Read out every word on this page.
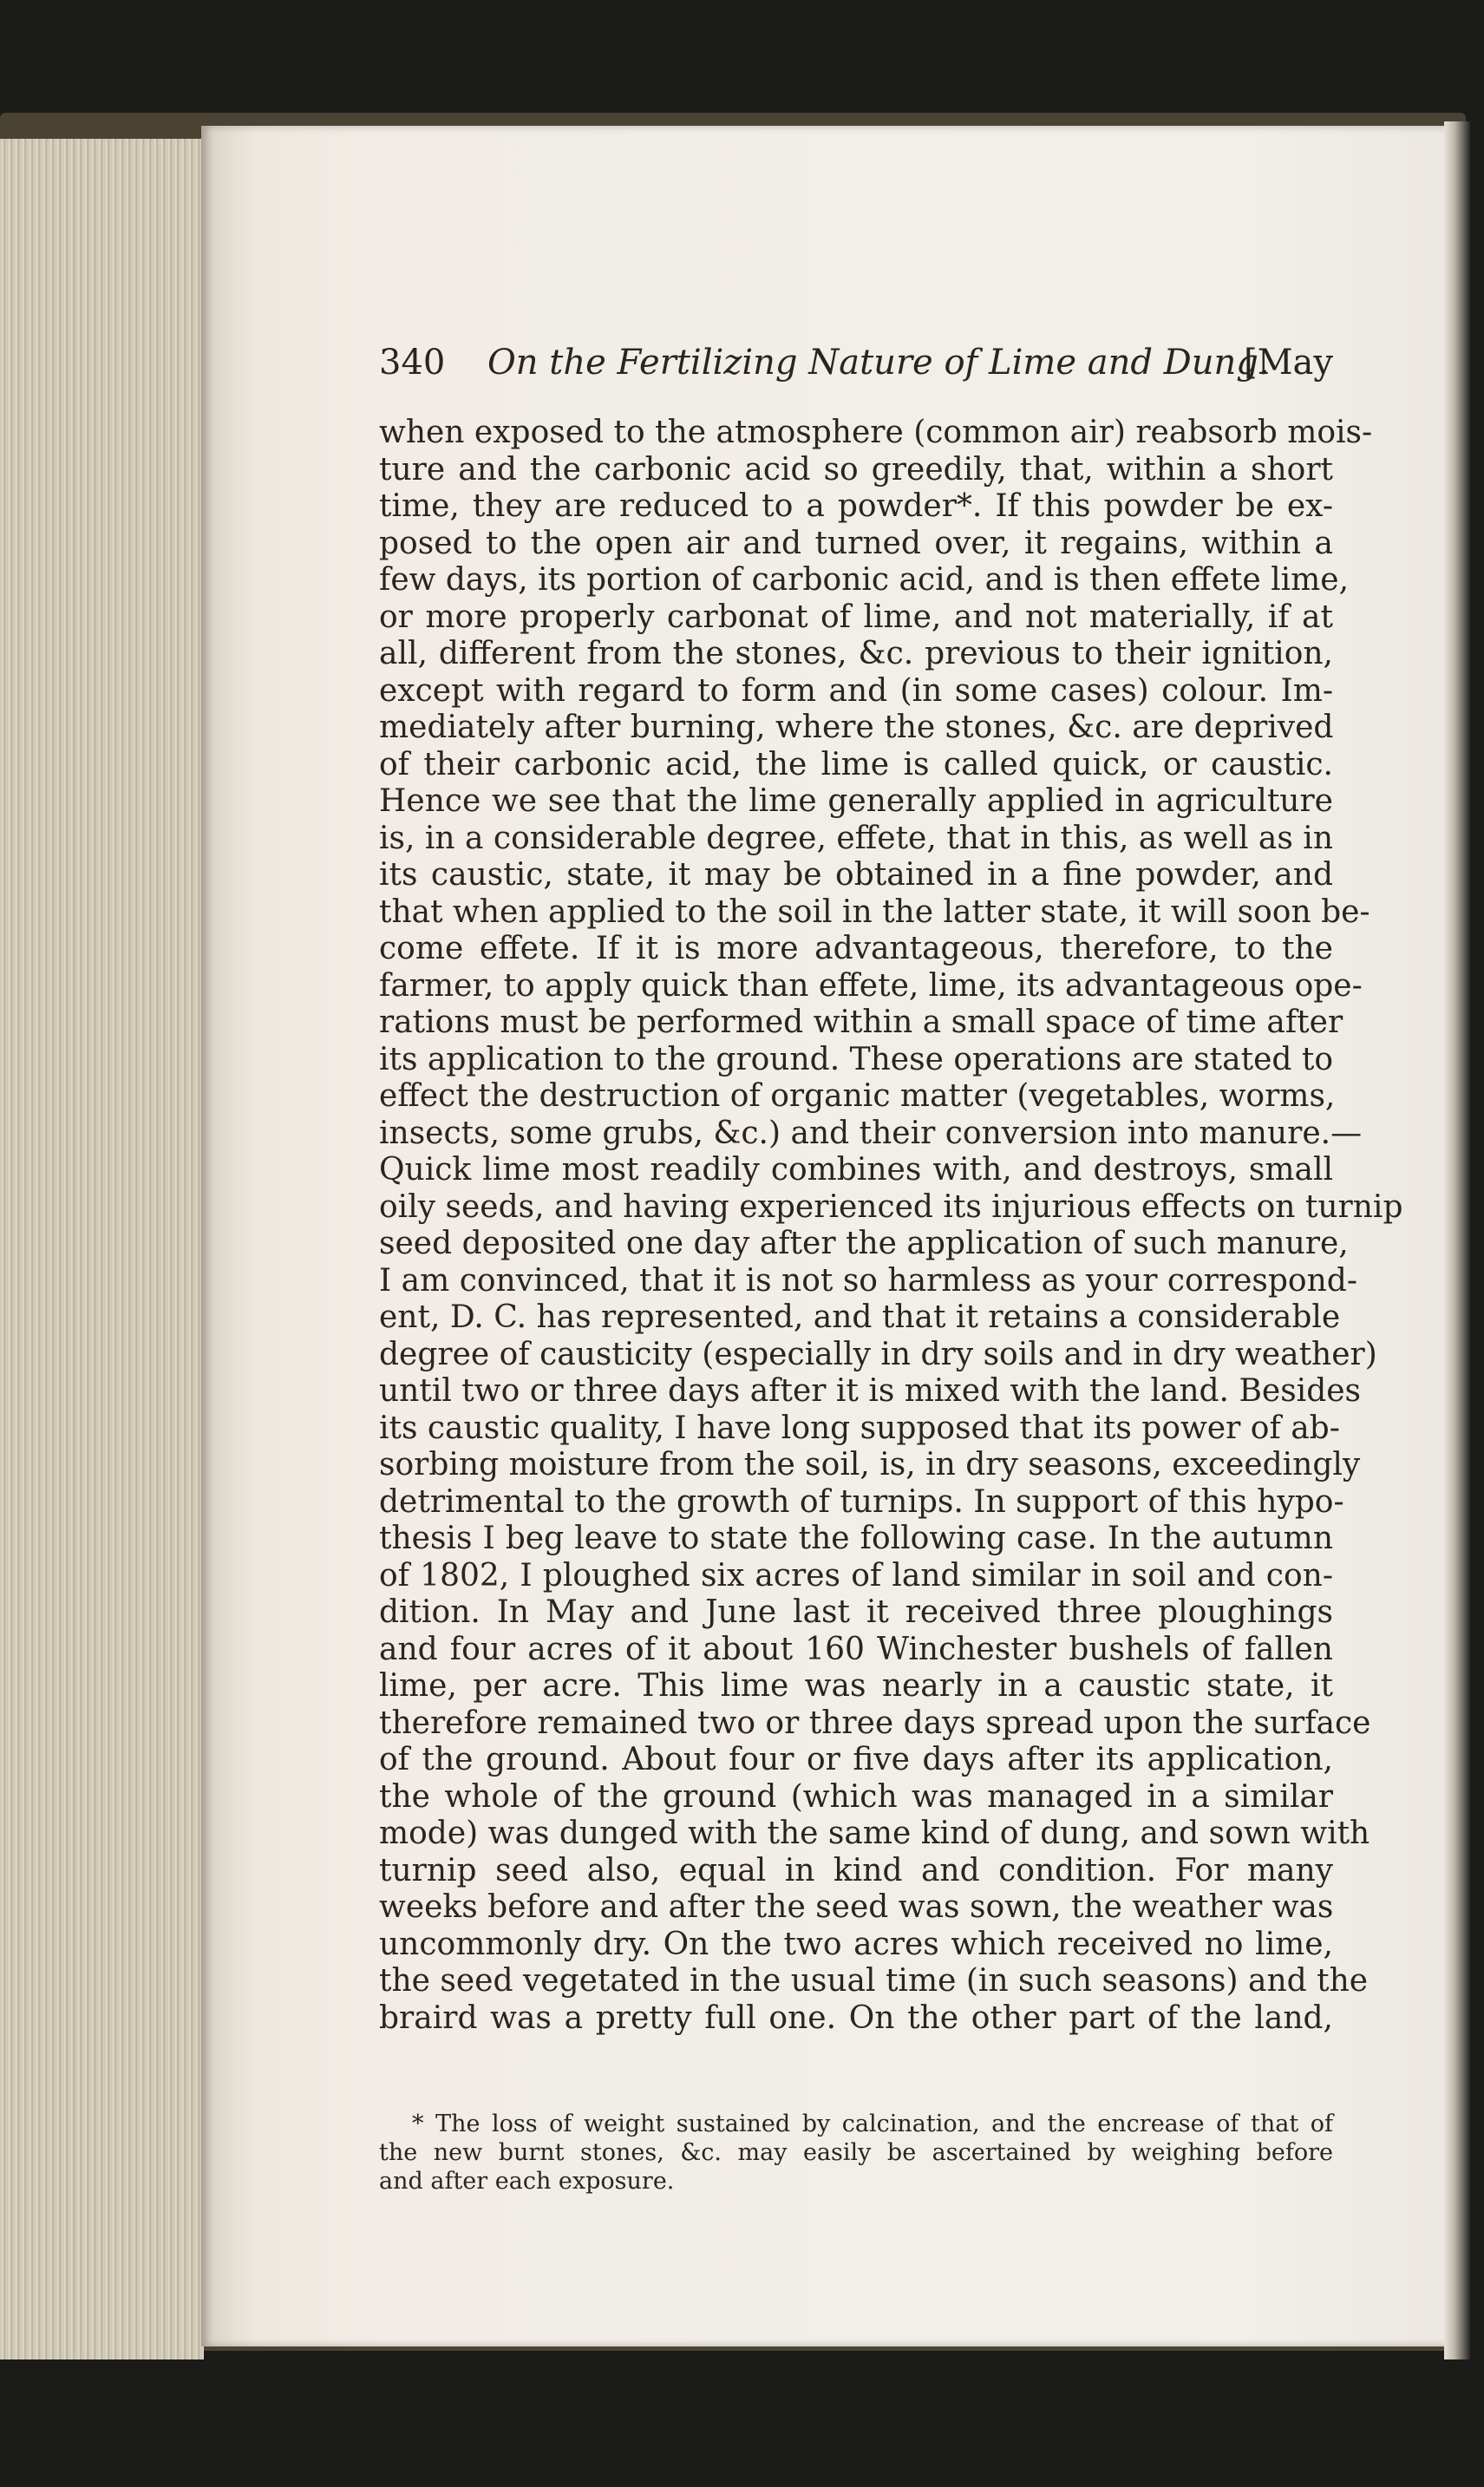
340 On the Fertilizing Nature of Lime and Dung.
[May
when exposed to the atmosphere (common air) reabsorb mois-
ture and the carbonic acid so greedily, that, within a short
time, they are reduced to a powder*. If this powder be ex-
posed to the open air and turned over, it regains, within a
few days, its portion of carbonic acid, and is then effete lime,
or more properly carbonat of lime, and not materially, if at
all, different from the stones, &c. previous to their ignition,
except with regard to form and (in some cases) colour. Im-
mediately after burning, where the stones, &c. are deprived
of their carbonic acid, the lime is called quick, or caustic.
Hence we see that the lime generally applied in agriculture
is, in a considerable degree, effete, that in this, as well as in
its caustic, state, it may be obtained in a fine powder, and
that when applied to the soil in the latter state, it will soon be-
come effete. If it is more advantageous, therefore, to the
farmer, to apply quick than effete, lime, its advantageous ope-
rations must be performed within a small space of time after
its application to the ground. These operations are stated to
effect the destruction of organic matter (vegetables, worms,
insects, some grubs, &c.) and their conversion into manure.—
Quick lime most readily combines with, and destroys, small
oily seeds, and having experienced its injurious effects on turnip
seed deposited one day after the application of such manure,
I am convinced, that it is not so harmless as your correspond-
ent, D. C. has represented, and that it retains a considerable
degree of causticity (especially in dry soils and in dry weather)
until two or three days after it is mixed with the land. Besides
its caustic quality, I have long supposed that its power of ab-
sorbing moisture from the soil, is, in dry seasons, exceedingly
detrimental to the growth of turnips. In support of this hypo-
thesis I beg leave to state the following case. In the autumn
of 1802, I ploughed six acres of land similar in soil and con-
dition. In May and June last it received three ploughings
and four acres of it about 160 Winchester bushels of fallen
lime, per acre. This lime was nearly in a caustic state, it
therefore remained two or three days spread upon the surface
of the ground. About four or five days after its application,
the whole of the ground (which was managed in a similar
mode) was dunged with the same kind of dung, and sown with
turnip seed also, equal in kind and condition. For many
weeks before and after the seed was sown, the weather was
uncommonly dry. On the two acres which received no lime,
the seed vegetated in the usual time (in such seasons) and the
braird was a pretty full one. On the other part of the land,
* The loss of weight sustained by calcination, and the encrease of that of
the new burnt stones, &c. may easily be ascertained by weighing before
and after each exposure.
